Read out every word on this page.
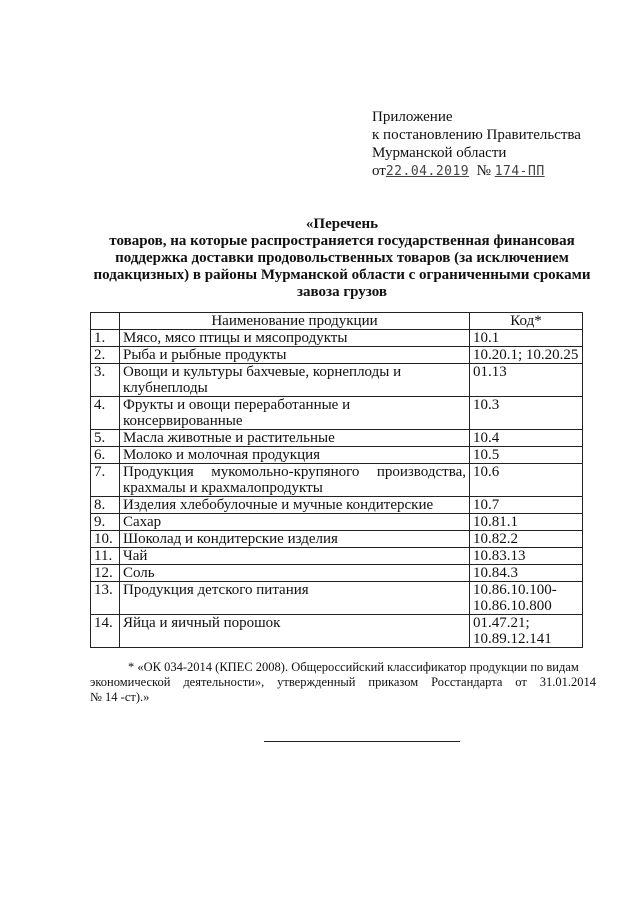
Приложение
к постановлению Правительства
Мурманской области
от22.04.2019 № 174-ПП
«Перечень
товаров, на которые распространяется государственная финансовая
поддержка доставки продовольственных товаров (за исключением
подакцизных) в районы Мурманской области с ограниченными сроками
завоза грузов
	Наименование продукции	Код*
1.	Мясо, мясо птицы и мясопродукты	10.1
2.	Рыба и рыбные продукты	10.20.1; 10.20.25
3.	Овощи и культуры бахчевые, корнеплоды и клубнеплоды	01.13
4.	Фрукты и овощи переработанные и консервированные	10.3
5.	Масла животные и растительные	10.4
6.	Молоко и молочная продукция	10.5
7.	Продукция мукомольно-крупяного производства, крахмалы и крахмалопродукты	10.6
8.	Изделия хлебобулочные и мучные кондитерские	10.7
9.	Сахар	10.81.1
10.	Шоколад и кондитерские изделия	10.82.2
11.	Чай	10.83.13
12.	Соль	10.84.3
13.	Продукция детского питания	10.86.10.100-10.86.10.800
14.	Яйца и яичный порошок	01.47.21; 10.89.12.141
* «ОК 034-2014 (КПЕС 2008). Общероссийский классификатор продукции по видам
экономической деятельности», утвержденный приказом Росстандарта от 31.01.2014
№ 14 -ст).»
